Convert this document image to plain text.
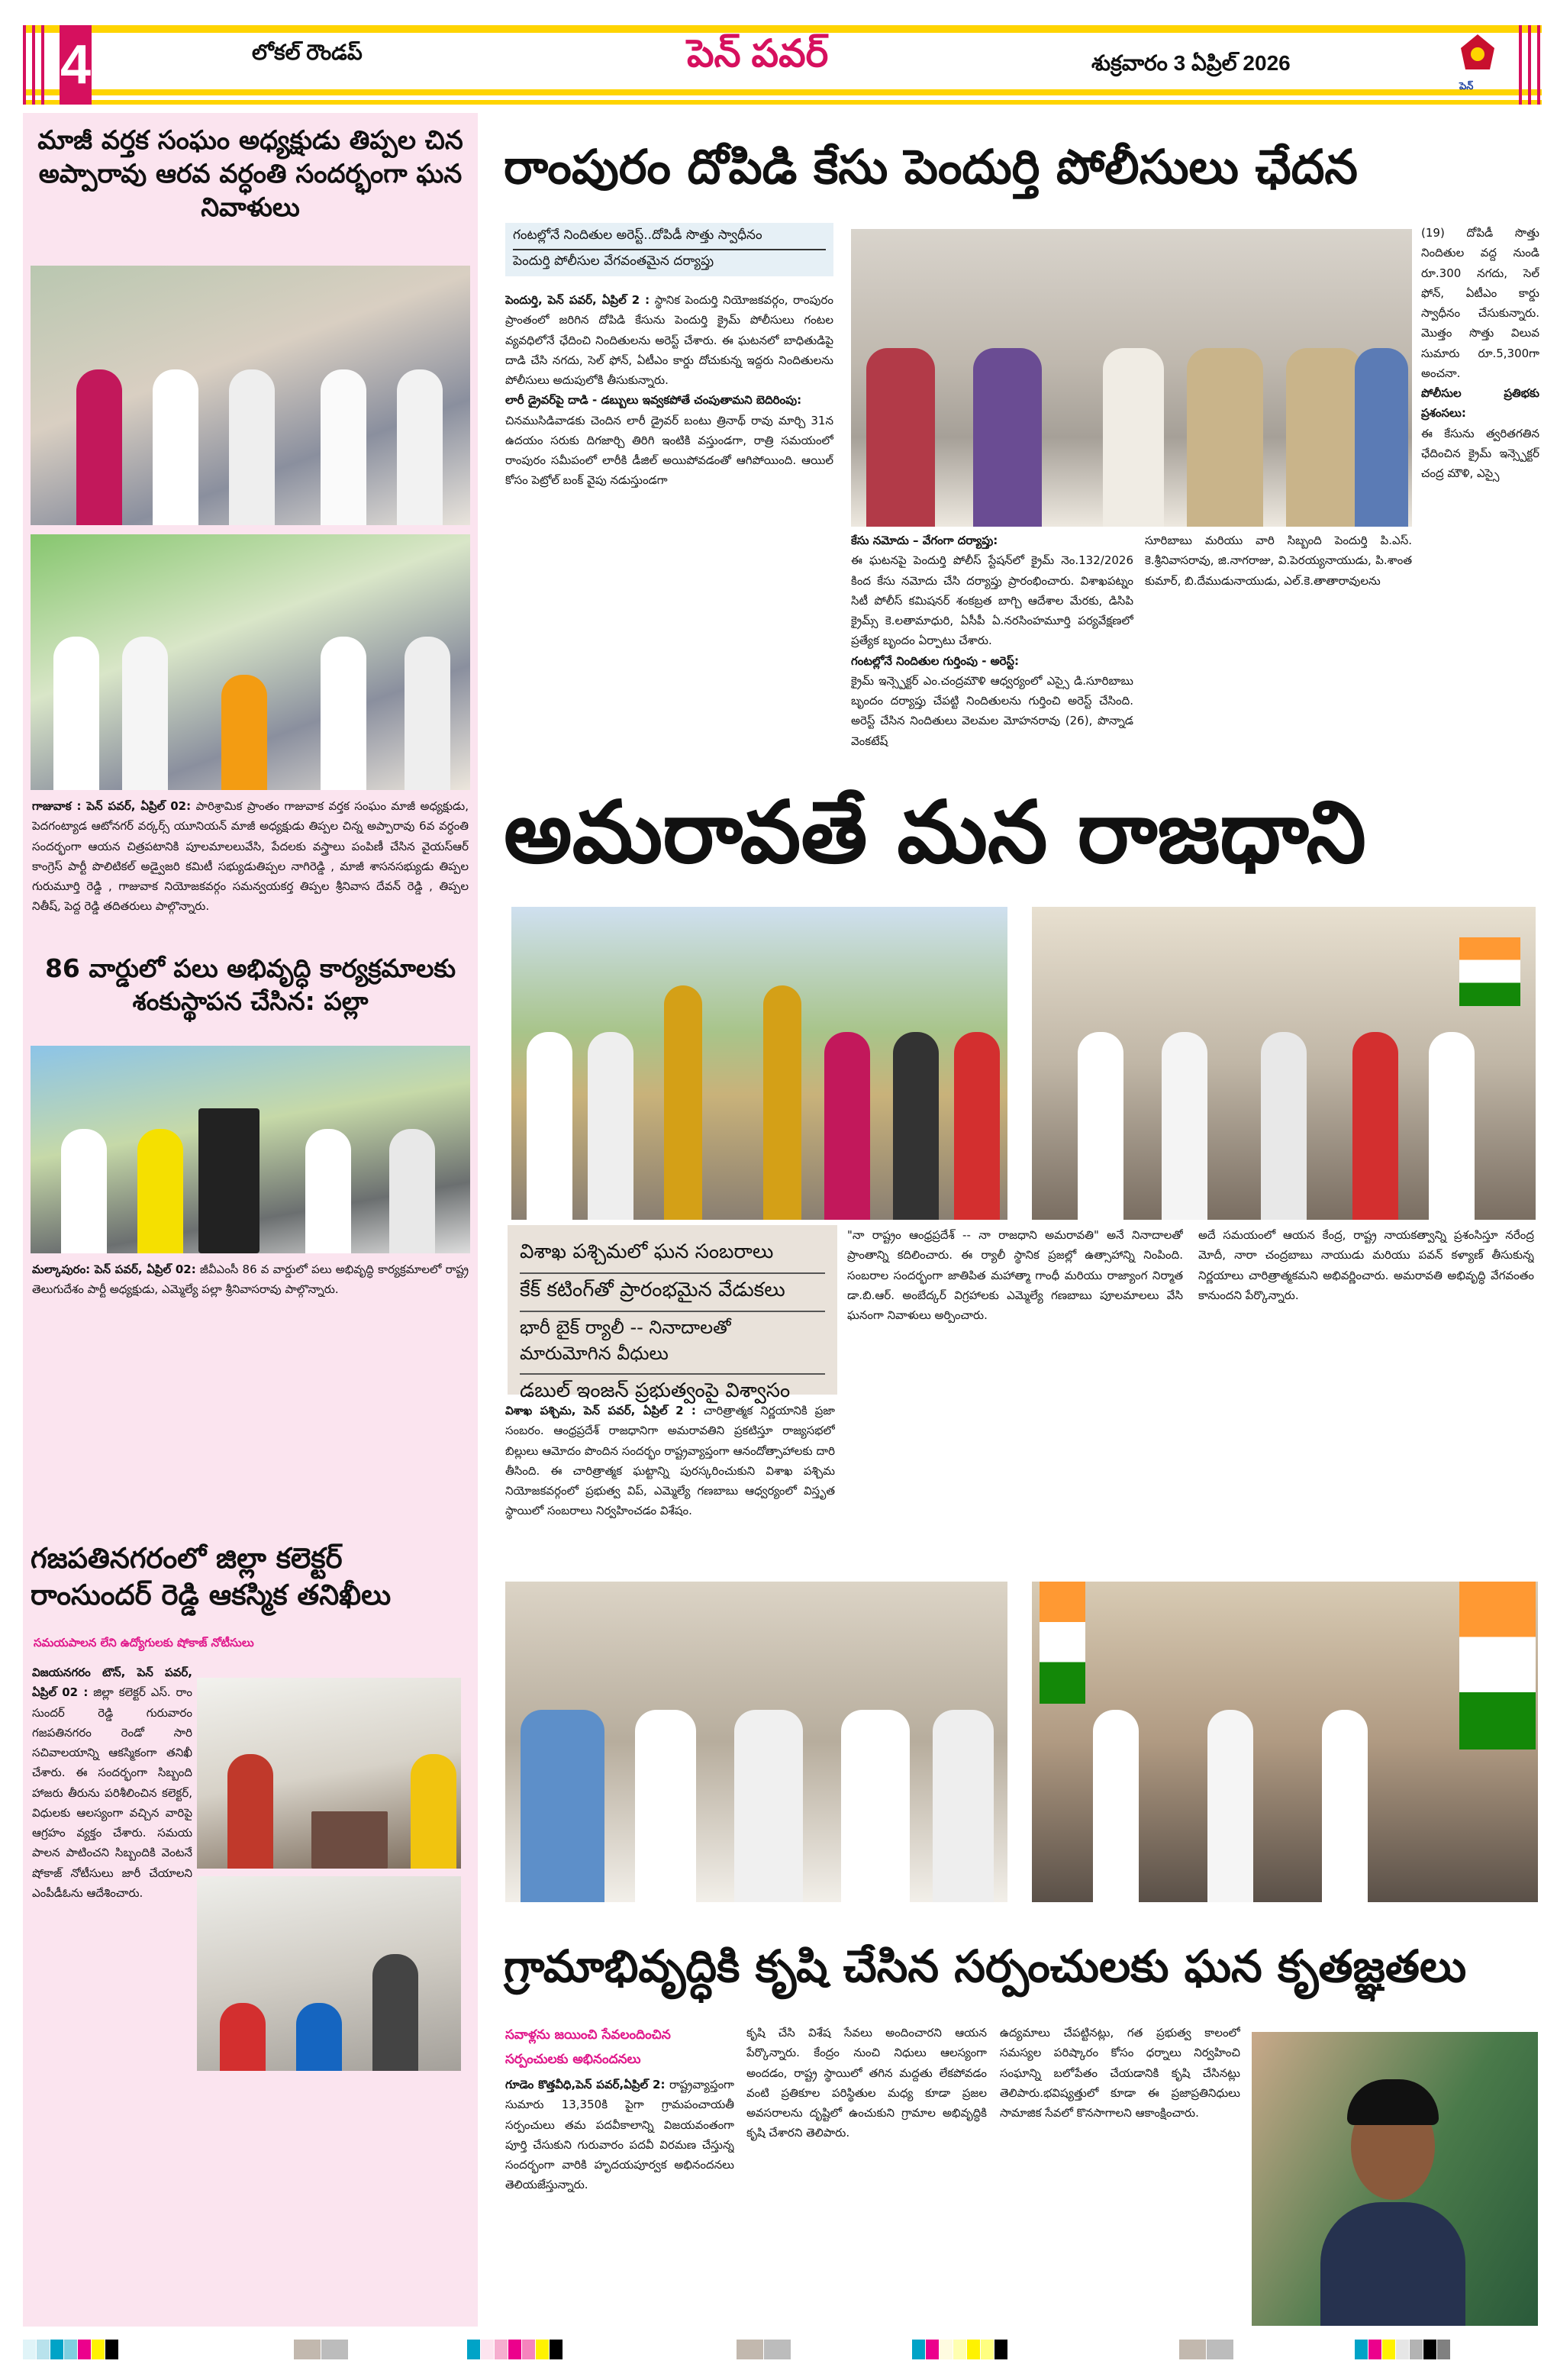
4	లోకల్ రౌండప్	పెన్ పవర్	శుక్రవారం 3 ఏప్రిల్ 2026
పెన్
మాజీ వర్తక సంఘం అధ్యక్షుడు తిప్పల చిన అప్పారావు ఆరవ వర్ధంతి సందర్భంగా ఘన నివాళులు
గాజువాక : పెన్ పవర్, ఏప్రిల్ 02: పారిశ్రామిక ప్రాంతం గాజువాక వర్తక సంఘం మాజీ అధ్యక్షుడు, పెదగంట్యాడ ఆటోనగర్ వర్కర్స్ యూనియన్ మాజీ అధ్యక్షుడు తిప్పల చిన్న అప్పారావు 6వ వర్ధంతి సందర్భంగా ఆయన చిత్రపటానికి పూలమాలలువేసి, పేదలకు వస్త్రాలు పంపిణీ చేసిన వైయస్ఆర్ కాంగ్రెస్ పార్టీ పొలిటికల్ అడ్వైజరి కమిటీ సభ్యుడుతిప్పల నాగిరెడ్డి , మాజీ శాసనసభ్యుడు తిప్పల గురుమూర్తి రెడ్డి , గాజువాక నియోజకవర్గం సమన్వయకర్త తిప్పల శ్రీనివాస దేవన్ రెడ్డి , తిప్పల నితీష్, పెద్ద రెడ్డి తదితరులు పాల్గొన్నారు.
86 వార్డులో పలు అభివృద్ధి కార్యక్రమాలకు శంకుస్థాపన చేసిన: పల్లా
మల్కాపురం: పెన్ పవర్, ఏప్రిల్ 02: జీవీఎంసీ 86 వ వార్డులో పలు అభివృద్ధి కార్యక్రమాలలో రాష్ట్ర తెలుగుదేశం పార్టీ అధ్యక్షుడు, ఎమ్మెల్యే పల్లా శ్రీనివాసరావు పాల్గొన్నారు.
గజపతినగరంలో జిల్లా కలెక్టర్ రాంసుందర్ రెడ్డి ఆకస్మిక తనిఖీలు
సమయపాలన లేని ఉద్యోగులకు షోకాజ్ నోటీసులు
విజయనగరం టౌన్, పెన్ పవర్, ఏప్రిల్ 02 : జిల్లా కలెక్టర్ ఎస్. రాం సుందర్ రెడ్డి గురువారం గజపతినగరం రెండో సారి సచివాలయాన్ని ఆకస్మికంగా తనిఖీ చేశారు. ఈ సందర్భంగా సిబ్బంది హాజరు తీరును పరిశీలించిన కలెక్టర్, విధులకు ఆలస్యంగా వచ్చిన వారిపై ఆగ్రహం వ్యక్తం చేశారు. సమయ పాలన పాటించని సిబ్బందికి వెంటనే షోకాజ్ నోటీసులు జారీ చేయాలని ఎంపీడీఓను ఆదేశించారు.
రాంపురం దోపిడి కేసు పెందుర్తి పోలీసులు ఛేదన
గంటల్లోనే నిందితుల అరెస్ట్..దోపిడీ సొత్తు స్వాధీనం
పెందుర్తి పోలీసుల వేగవంతమైన దర్యాప్తు
పెందుర్తి, పెన్ పవర్, ఏప్రిల్ 2 : స్థానిక పెందుర్తి నియోజకవర్గం, రాంపురం ప్రాంతంలో జరిగిన దోపిడి కేసును పెందుర్తి క్రైమ్ పోలీసులు గంటల వ్యవధిలోనే ఛేదించి నిందితులను అరెస్ట్ చేశారు. ఈ ఘటనలో బాధితుడిపై దాడి చేసి నగదు, సెల్ ఫోన్, ఏటీఎం కార్డు దోచుకున్న ఇద్దరు నిందితులను పోలీసులు అదుపులోకి తీసుకున్నారు.
లారీ డ్రైవర్‌పై దాడి - డబ్బులు ఇవ్వకపోతే చంపుతామని బెదిరింపు:
చినముసిడివాడకు చెందిన లారీ డ్రైవర్ బంటు త్రినాథ్ రావు మార్చి 31న ఉదయం సరుకు దిగజార్చి తిరిగి ఇంటికి వస్తుండగా, రాత్రి సమయంలో రాంపురం సమీపంలో లారీకి డీజిల్ అయిపోవడంతో ఆగిపోయింది. ఆయిల్ కోసం పెట్రోల్ బంక్ వైపు నడుస్తుండగా
(19) దోపిడీ సొత్తు నిందితుల వద్ద నుండి రూ.300 నగదు, సెల్ ఫోన్, ఏటీఎం కార్డు స్వాధీనం చేసుకున్నారు. మొత్తం సొత్తు విలువ సుమారు రూ.5,300గా అంచనా.
పోలీసుల ప్రతిభకు ప్రశంసలు:
ఈ కేసును త్వరితగతిన ఛేదించిన క్రైమ్ ఇన్స్పెక్టర్ చంద్ర మౌళి, ఎస్సై
కేసు నమోదు – వేగంగా దర్యాప్తు:
ఈ ఘటనపై పెందుర్తి పోలీస్ స్టేషన్‌లో క్రైమ్ నెం.132/2026 కింద కేసు నమోదు చేసి దర్యాప్తు ప్రారంభించారు. విశాఖపట్నం సిటీ పోలీస్ కమిషనర్ శంకబ్రత బాగ్చి ఆదేశాల మేరకు, డిసిపి క్రైమ్స్ కె.లతామాధురి, ఏసీపీ ఏ.నరసింహమూర్తి పర్యవేక్షణలో ప్రత్యేక బృందం ఏర్పాటు చేశారు.
గంటల్లోనే నిందితుల గుర్తింపు - అరెస్ట్:
క్రైమ్ ఇన్స్పెక్టర్ ఎం.చంద్రమౌళి ఆధ్వర్యంలో ఎస్సై డి.సూరిబాబు బృందం దర్యాప్తు చేపట్టి నిందితులను గుర్తించి అరెస్ట్ చేసింది. అరెస్ట్ చేసిన నిందితులు వెలమల మోహనరావు (26), పొన్నాడ వెంకటేష్
సూరిబాబు మరియు వారి సిబ్బంది పెందుర్తి పి.ఎస్. కె.శ్రీనివాసరావు, జి.నాగరాజు, వి.పెరయ్యనాయుడు, పి.శాంత కుమార్, బి.దేముడునాయుడు, ఎల్.కె.తాతారావులను
అమరావతే మన రాజధాని
విశాఖ పశ్చిమలో ఘన సంబరాలు
కేక్ కటింగ్‌తో ప్రారంభమైన వేడుకలు
భారీ బైక్ ర్యాలీ -- నినాదాలతో మారుమోగిన వీధులు
డబుల్ ఇంజన్ ప్రభుత్వంపై విశ్వాసం
విశాఖ పశ్చిమ, పెన్ పవర్, ఏప్రిల్ 2 : చారిత్రాత్మక నిర్ణయానికి ప్రజా సంబరం. ఆంధ్రప్రదేశ్ రాజధానిగా అమరావతిని ప్రకటిస్తూ రాజ్యసభలో బిల్లులు ఆమోదం పొందిన సందర్భం రాష్ట్రవ్యాప్తంగా ఆనందోత్సాహాలకు దారి తీసింది. ఈ చారిత్రాత్మక ఘట్టాన్ని పురస్కరించుకుని విశాఖ పశ్చిమ నియోజకవర్గంలో ప్రభుత్వ విప్, ఎమ్మెల్యే గణబాబు ఆధ్వర్యంలో విస్తృత స్థాయిలో సంబరాలు నిర్వహించడం విశేషం.
"నా రాష్ట్రం ఆంధ్రప్రదేశ్ -- నా రాజధాని అమరావతి" అనే నినాదాలతో ప్రాంతాన్ని కదిలించారు. ఈ ర్యాలీ స్థానిక ప్రజల్లో ఉత్సాహాన్ని నింపింది. సంబరాల సందర్భంగా జాతిపిత మహాత్మా గాంధీ మరియు రాజ్యాంగ నిర్మాత డా.బి.ఆర్. అంబేద్కర్ విగ్రహాలకు ఎమ్మెల్యే గణబాబు పూలమాలలు వేసి ఘనంగా నివాళులు అర్పించారు.
అదే సమయంలో ఆయన కేంద్ర, రాష్ట్ర నాయకత్వాన్ని ప్రశంసిస్తూ నరేంద్ర మోదీ, నారా చంద్రబాబు నాయుడు మరియు పవన్ కళ్యాణ్ తీసుకున్న నిర్ణయాలు చారిత్రాత్మకమని అభివర్ణించారు. అమరావతి అభివృద్ధి వేగవంతం కానుందని పేర్కొన్నారు.
గ్రామాభివృద్ధికి కృషి చేసిన సర్పంచులకు ఘన కృతజ్ఞతలు
సవాళ్లను జయించి సేవలందించిన సర్పంచులకు అభినందనలు
గూడెం కొత్తవీధి,పెన్ పవర్,ఏప్రిల్ 2: రాష్ట్రవ్యాప్తంగా సుమారు 13,350కి పైగా గ్రామపంచాయతీ సర్పంచులు తమ పదవీకాలాన్ని విజయవంతంగా పూర్తి చేసుకుని గురువారం పదవీ విరమణ చేస్తున్న సందర్భంగా వారికి హృదయపూర్వక అభినందనలు తెలియజేస్తున్నారు.
కృషి చేసి విశేష సేవలు అందించారని ఆయన పేర్కొన్నారు. కేంద్రం నుంచి నిధులు ఆలస్యంగా అందడం, రాష్ట్ర స్థాయిలో తగిన మద్దతు లేకపోవడం వంటి ప్రతికూల పరిస్థితుల మధ్య కూడా ప్రజల అవసరాలను దృష్టిలో ఉంచుకుని గ్రామాల అభివృద్ధికి కృషి చేశారని తెలిపారు.
ఉద్యమాలు చేపట్టినట్లు, గత ప్రభుత్వ కాలంలో సమస్యల పరిష్కారం కోసం ధర్నాలు నిర్వహించి సంఘాన్ని బలోపేతం చేయడానికి కృషి చేసినట్లు తెలిపారు.భవిష్యత్తులో కూడా ఈ ప్రజాప్రతినిధులు సామాజిక సేవలో కొనసాగాలని ఆకాంక్షించారు.
